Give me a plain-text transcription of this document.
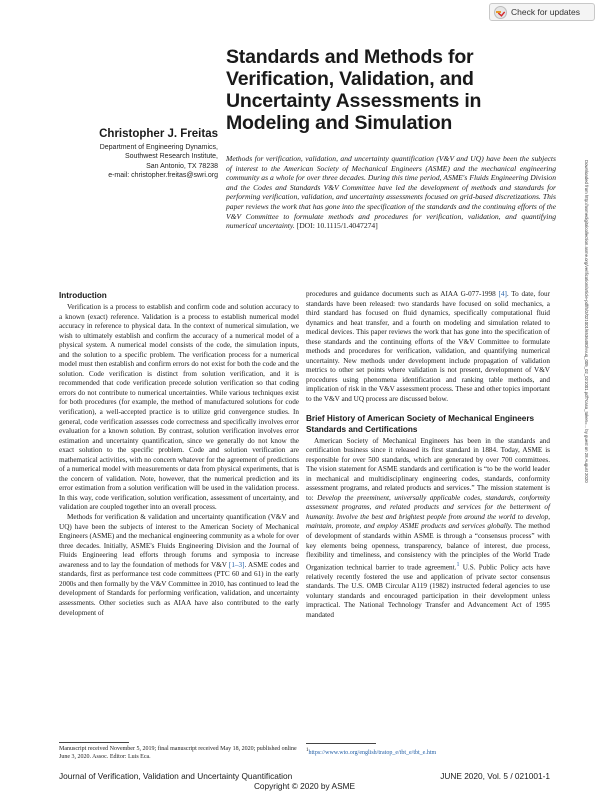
Check for updates
Standards and Methods for Verification, Validation, and Uncertainty Assessments in Modeling and Simulation
Christopher J. Freitas
Department of Engineering Dynamics,
Southwest Research Institute,
San Antonio, TX 78238
e-mail: christopher.freitas@swri.org
Methods for verification, validation, and uncertainty quantification (V&V and UQ) have been the subjects of interest to the American Society of Mechanical Engineers (ASME) and the mechanical engineering community as a whole for over three decades. During this time period, ASME's Fluids Engineering Division and the Codes and Standards V&V Committee have led the development of methods and standards for performing verification, validation, and uncertainty assessments focused on grid-based discretizations. This paper reviews the work that has gone into the specification of the standards and the continuing efforts of the V&V Committee to formulate methods and procedures for verification, validation, and quantifying numerical uncertainty. [DOI: 10.1115/1.4047274]	Downloaded from http://asmedigitalcollection.asme.org/verification/article-pdf/5/2/021001/6536480/vvuq_005_02_021001.pdf?casa_token=... by guest on 28 August 2020
Introduction

Verification is a process to establish and confirm code and solution accuracy to a known (exact) reference. Validation is a process to establish numerical model accuracy in reference to physical data. In the context of numerical simulation, we wish to ultimately establish and confirm the accuracy of a numerical model of a physical system. A numerical model consists of the code, the simulation inputs, and the solution to a specific problem. The verification process for a numerical model must then establish and confirm errors do not exist for both the code and the solution. Code verification is distinct from solution verification, and it is recommended that code verification precede solution verification so that coding errors do not contribute to numerical uncertainties. While various techniques exist for both procedures (for example, the method of manufactured solutions for code verification), a well-accepted practice is to utilize grid convergence studies. In general, code verification assesses code correctness and specifically involves error evaluation for a known solution. By contrast, solution verification involves error estimation and uncertainty quantification, since we generally do not know the exact solution to the specific problem. Code and solution verification are mathematical activities, with no concern whatever for the agreement of predictions of a numerical model with measurements or data from physical experiments, that is the concern of validation. Note, however, that the numerical prediction and its error estimation from a solution verification will be used in the validation process. In this way, code verification, solution verification, assessment of uncertainty, and validation are coupled together into an overall process.

Methods for verification & validation and uncertainty quantification (V&V and UQ) have been the subjects of interest to the American Society of Mechanical Engineers (ASME) and the mechanical engineering community as a whole for over three decades. Initially, ASME's Fluids Engineering Division and the Journal of Fluids Engineering lead efforts through forums and symposia to increase awareness and to lay the foundation of methods for V&V [1–3]. ASME codes and standards, first as performance test code committees (PTC 60 and 61) in the early 2000s and then formally by the V&V Committee in 2010, has continued to lead the development of Standards for performing verification, validation, and uncertainty assessments. Other societies such as AIAA have also contributed to the early development of

procedures and guidance documents such as AIAA G-077-1998 [4]. To date, four standards have been released: two standards have focused on solid mechanics, a third standard has focused on fluid dynamics, specifically computational fluid dynamics and heat transfer, and a fourth on modeling and simulation related to medical devices. This paper reviews the work that has gone into the specification of these standards and the continuing efforts of the V&V Committee to formulate methods and procedures for verification, validation, and quantifying numerical uncertainty. New methods under development include propagation of validation metrics to other set points where validation is not present, development of V&V procedures using phenomena identification and ranking table methods, and implication of risk in the V&V assessment process. These and other topics important to the V&V and UQ process are discussed below.

Brief History of American Society of Mechanical Engineers Standards and Certifications

American Society of Mechanical Engineers has been in the standards and certification business since it released its first standard in 1884. Today, ASME is responsible for over 500 standards, which are generated by over 700 committees. The vision statement for ASME standards and certification is “to be the world leader in mechanical and multidisciplinary engineering codes, standards, conformity assessment programs, and related products and services.” The mission statement is to: Develop the preeminent, universally applicable codes, standards, conformity assessment programs, and related products and services for the betterment of humanity. Involve the best and brightest people from around the world to develop, maintain, promote, and employ ASME products and services globally. The method of development of standards within ASME is through a “consensus process” with key elements being openness, transparency, balance of interest, due process, flexibility and timeliness, and consistency with the principles of the World Trade Organization technical barrier to trade agreement.$^1$ U.S. Public Policy acts have relatively recently fostered the use and application of private sector consensus standards. The U.S. OMB Circular A119 (1982) instructed federal agencies to use voluntary standards and encouraged participation in their development unless impractical. The National Technology Transfer and Advancement Act of 1995 mandated

Manuscript received November 5, 2019; final manuscript received May 18, 2020; published online June 3, 2020. Assoc. Editor: Luis Eca.
$^1$https://www.wto.org/english/tratop_e/tbt_e/tbt_e.htm
Journal of Verification, Validation and Uncertainty Quantification	JUNE 2020, Vol. 5 / 021001-1
Copyright © 2020 by ASME
